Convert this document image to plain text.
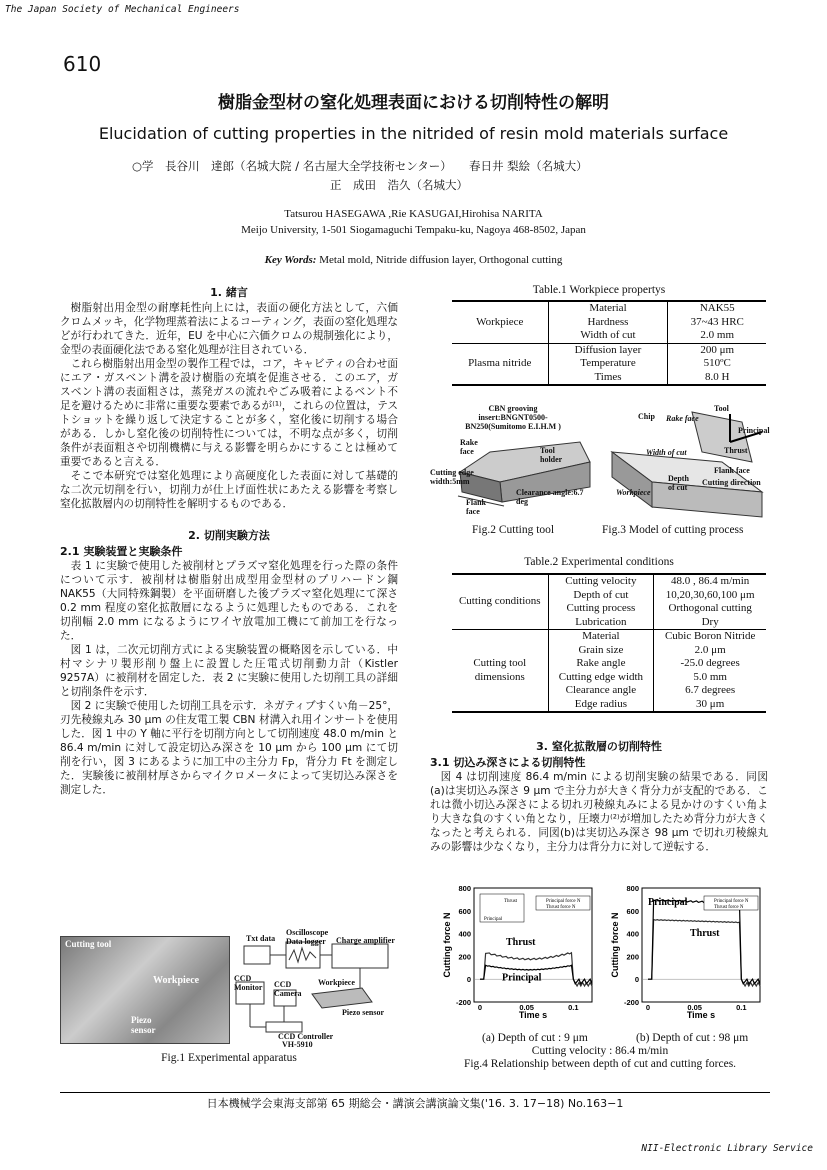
The Japan Society of Mechanical Engineers
NII-Electronic Library Service
610
樹脂金型材の窒化処理表面における切削特性の解明
Elucidation of cutting properties in the nitrided of resin mold materials surface
○学　長谷川　達郎（名城大院 / 名古屋大全学技術センター）　　春日井 梨絵（名城大）
正　成田　浩久（名城大）
Tatsurou HASEGAWA ,Rie KASUGAI,Hirohisa NARITA
Meijo University, 1-501 Siogamaguchi Tempaku-ku, Nagoya 468-8502, Japan
Key Words: Metal mold, Nitride diffusion layer, Orthogonal cutting
1. 緒言

樹脂射出用金型の耐摩耗性向上には，表面の硬化方法として，六価クロムメッキ，化学物理蒸着法によるコーティング，表面の窒化処理などが行われてきた．近年，EU を中心に六価クロムの規制強化により，金型の表面硬化法である窒化処理が注目されている．

これら樹脂射出用金型の製作工程では，コア，キャビティの合わせ面にエア・ガスベント溝を設け樹脂の充填を促進させる．このエア，ガスベント溝の表面粗さは，蒸発ガスの流れやごみ吸着によるベント不足を避けるために非常に重要な要素であるが⁽¹⁾，これらの位置は，テストショットを繰り返して決定することが多く，窒化後に切削する場合がある．しかし窒化後の切削特性については，不明な点が多く，切削条件が表面粗さや切削機構に与える影響を明らかにすることは極めて重要であると言える．

そこで本研究では窒化処理により高硬度化した表面に対して基礎的な二次元切削を行い，切削力が仕上げ面性状にあたえる影響を考察し窒化拡散層内の切削特性を解明するものである．

2. 切削実験方法
2.1 実験装置と実験条件

表 1 に実験で使用した被削材とプラズマ窒化処理を行った際の条件について示す．被削材は樹脂射出成型用金型材のプリハードン鋼 NAK55（大同特殊鋼製）を平面研磨した後プラズマ窒化処理にて深さ 0.2 mm 程度の窒化拡散層になるように処理したものである．これを切削幅 2.0 mm になるようにワイヤ放電加工機にて前加工を行なった．

図 1 は，二次元切削方式による実験装置の概略図を示している．中村マシナリ製形削り盤上に設置した圧電式切削動力計（Kistler 9257A）に被削材を固定した．表 2 に実験に使用した切削工具の詳細と切削条件を示す．

図 2 に実験で使用した切削工具を示す．ネガティブすくい角－25°，刃先稜線丸み 30 μm の住友電工製 CBN 材溝入れ用インサートを使用した．図 1 中の Y 軸に平行を切削方向として切削速度 48.0 m/min と 86.4 m/min に対して設定切込み深さを 10 μm から 100 μm にて切削を行い，図 3 にあるように加工中の主分力 Fp，背分力 Ft を測定した．実験後に被削材厚さからマイクロメータによって実切込み深さを測定した．

Cutting tool
Workpiece
Piezo sensor
Txt data
Oscilloscope
Data logger Charge amplifier
CCD Monitor	CCD Camera
Workpiece
Piezo sensor
CCD Controller
VH-5910
Fig.1 Experimental apparatus
Table.1 Workpiece propertys
Workpiece	Material	NAK55
	Hardness	37~43 HRC
	Width of cut	2.0 mm
Plasma nitride	Diffusion layer	200 μm
	Temperature	510ºC
	Times	8.0 H
CBN grooving insert:BNGNT0500-BN250(Sumitomo E.I.H.M )
Rake face	Tool holder
Cutting edge width:5mm
Flank face
Clearance angle:6.7 deg
Tool
Chip Rake face
Thrust
Principal
Width of cut
Depth of cut
Flank face
Cutting direction
Workpiece
Fig.2 Cutting tool	Fig.3 Model of cutting process
Table.2 Experimental conditions
Cutting conditions	Cutting velocity	48.0 , 86.4 m/min
	Depth of cut	10,20,30,60,100 μm
	Cutting process	Orthogonal cutting
	Lubrication	Dry
Cutting tool dimensions	Material	Cubic Boron Nitride
	Grain size	2.0 μm
	Rake angle	-25.0 degrees
	Cutting edge width	5.0 mm
	Clearance angle	6.7 degrees
	Edge radius	30 μm
3. 窒化拡散層の切削特性
3.1 切込み深さによる切削特性

図 4 は切削速度 86.4 m/min による切削実験の結果である．同図(a)は実切込み深さ 9 μm で主分力が大きく背分力が支配的である．これは微小切込み深さによる切れ刃稜線丸みによる見かけのすくい角より大きな負のすくい角となり，圧壊力⁽²⁾が増加したため背分力が大きくなったと考えられる．同図(b)は実切込み深さ 98 μm で切れ刃稜線丸みの影響は少なくなり，主分力は背分力に対して逆転する．

800
600
400
200
0
-200
0	0.05	0.1
Time s
Cutting force N
Principal force N
Thrust force N
Thrust
Principal
Principal
Thrust
800
600
400
200
0
-200
0	0.05	0.1
Time s
Cutting force N
Principal force N
Thrust force N
Principal
Thrust
(a) Depth of cut : 9 μm	(b) Depth of cut : 98 μm
Cutting velocity : 86.4 m/min
Fig.4 Relationship between depth of cut and cutting forces.
日本機械学会東海支部第 65 期総会・講演会講演論文集('16. 3. 17−18) No.163−1
